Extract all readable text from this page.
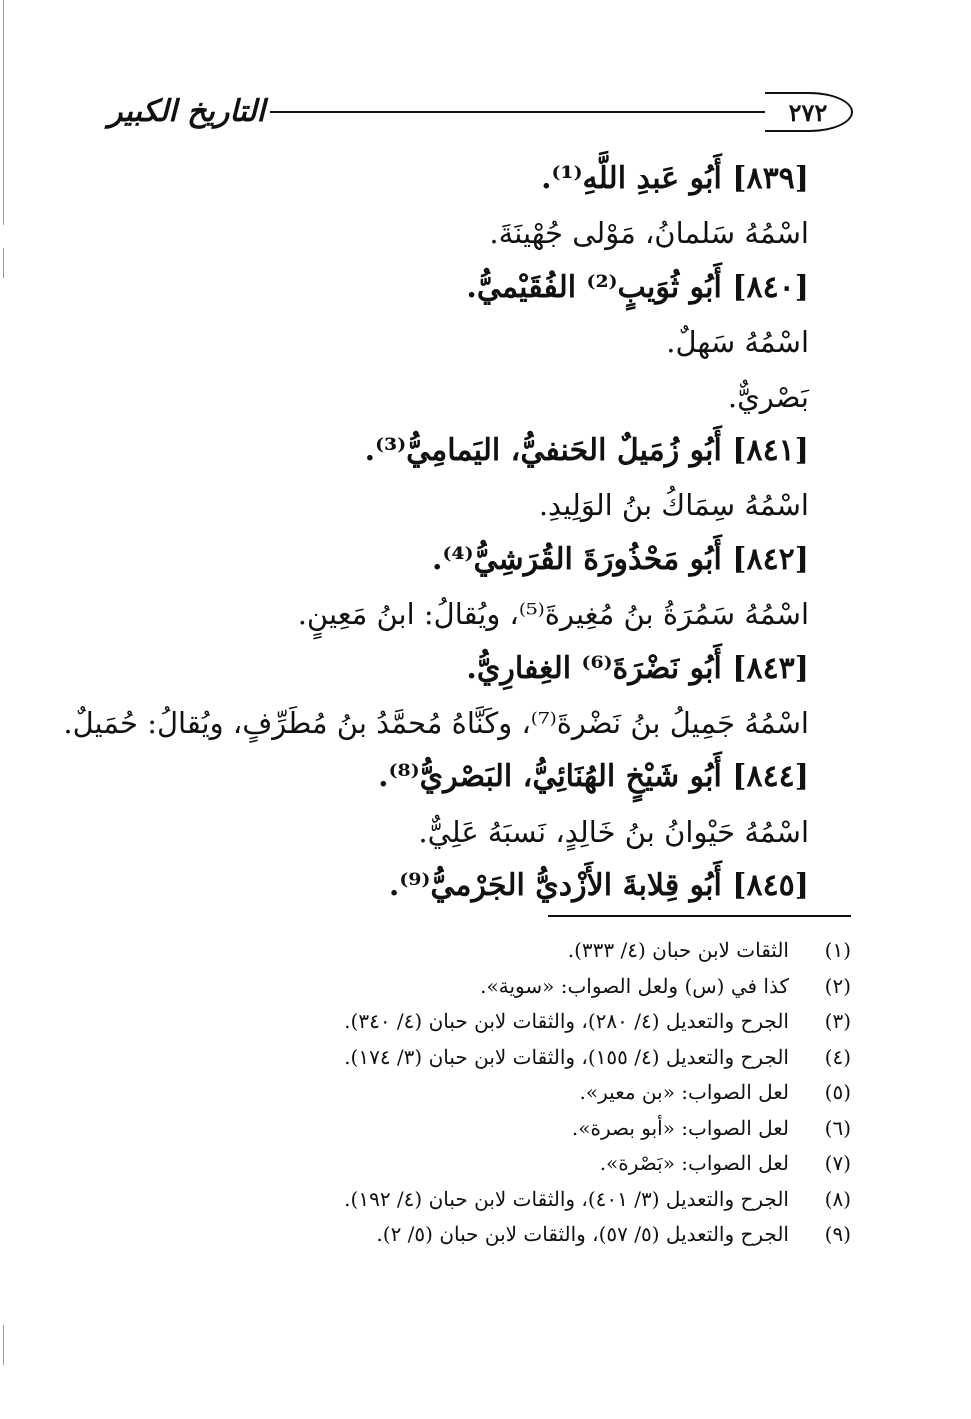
التاريخ الكبير	٢٧٢
[٨٣٩] أَبُو عَبدِ اللَّهِ⁽¹⁾.
اسْمُهُ سَلمانُ، مَوْلى جُهْينَةَ.
[٨٤٠] أَبُو ثُوَيبٍ⁽²⁾ الفُقَيْميُّ.
اسْمُهُ سَهلٌ.
بَصْريٌّ.
[٨٤١] أَبُو زُمَيلٌ الحَنفيُّ، اليَمامِيُّ⁽³⁾.
اسْمُهُ سِمَاكُ بنُ الوَلِيدِ.
[٨٤٢] أَبُو مَحْذُورَةَ القُرَشِيُّ⁽⁴⁾.
اسْمُهُ سَمُرَةُ بنُ مُغِيرةَ⁽⁵⁾، ويُقالُ: ابنُ مَعِينٍ.
[٨٤٣] أَبُو نَضْرَةَ⁽⁶⁾ الغِفارِيُّ.
اسْمُهُ جَمِيلُ بنُ نَضْرةَ⁽⁷⁾، وكَنَّاهُ مُحمَّدُ بنُ مُطَرِّفٍ، ويُقالُ: حُمَيلٌ.
[٨٤٤] أَبُو شَيْخٍ الهُنَائِيُّ، البَصْريُّ⁽⁸⁾.
اسْمُهُ حَيْوانُ بنُ خَالِدٍ، نَسبَهُ عَلِيٌّ.
[٨٤٥] أَبُو قِلابةَ الأَزْديُّ الجَرْميُّ⁽⁹⁾.
(١)الثقات لابن حبان (٤/ ٣٣٣).
(٢)كذا في (س) ولعل الصواب: «سوية».
(٣)الجرح والتعديل (٤/ ٢٨٠)، والثقات لابن حبان (٤/ ٣٤٠).
(٤)الجرح والتعديل (٤/ ١٥٥)، والثقات لابن حبان (٣/ ١٧٤).
(٥)لعل الصواب: «بن معير».
(٦)لعل الصواب: «أبو بصرة».
(٧)لعل الصواب: «بَصْرة».
(٨)الجرح والتعديل (٣/ ٤٠١)، والثقات لابن حبان (٤/ ١٩٢).
(٩)الجرح والتعديل (٥/ ٥٧)، والثقات لابن حبان (٥/ ٢).
